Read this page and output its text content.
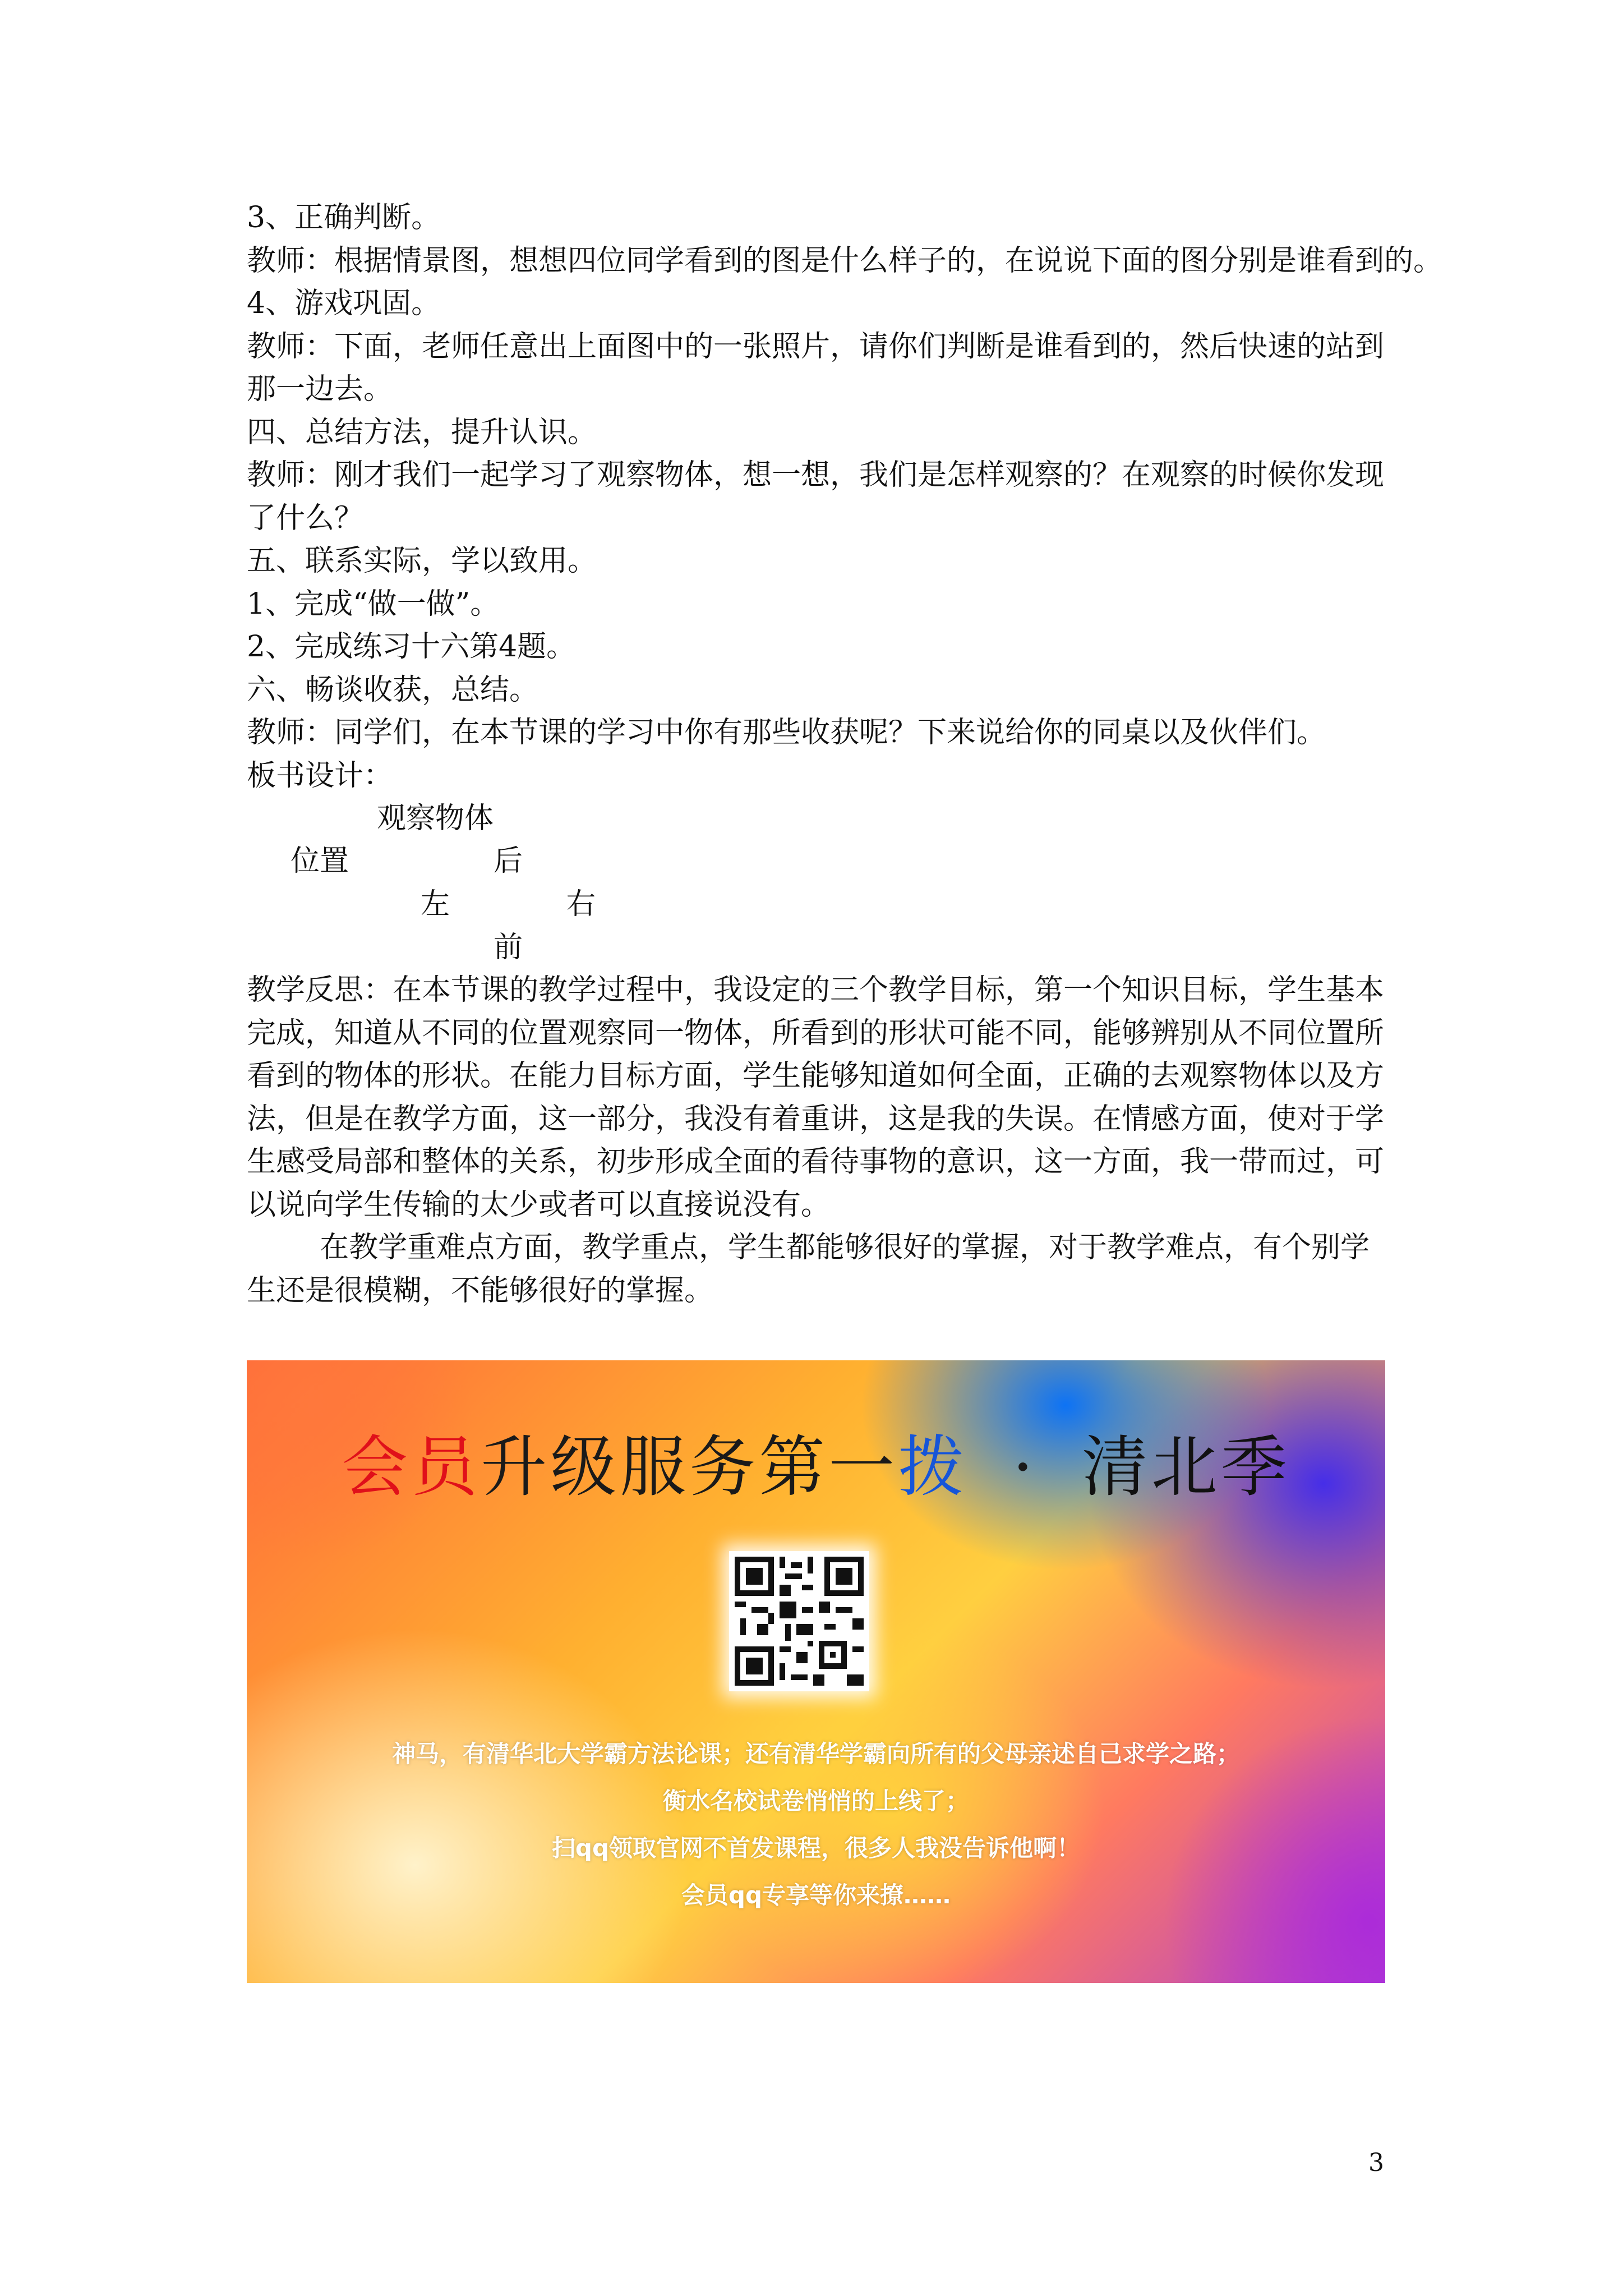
3、正确判断。

教师：根据情景图，想想四位同学看到的图是什么样子的，在说说下面的图分别是谁看到的。

4、游戏巩固。

教师：下面，老师任意出上面图中的一张照片，请你们判断是谁看到的，然后快速的站到那一边去。

四、总结方法，提升认识。

教师：刚才我们一起学习了观察物体，想一想，我们是怎样观察的？在观察的时候你发现了什么？

五、联系实际，学以致用。

1、完成“做一做”。

2、完成练习十六第4题。

六、畅谈收获，总结。

教师：同学们，在本节课的学习中你有那些收获呢？下来说给你的同桌以及伙伴们。

板书设计：

观察物体
位置	后
左	右
前

教学反思：在本节课的教学过程中，我设定的三个教学目标，第一个知识目标，学生基本完成，知道从不同的位置观察同一物体，所看到的形状可能不同，能够辨别从不同位置所看到的物体的形状。在能力目标方面，学生能够知道如何全面，正确的去观察物体以及方法，但是在教学方面，这一部分，我没有着重讲，这是我的失误。在情感方面，使对于学生感受局部和整体的关系，初步形成全面的看待事物的意识，这一方面，我一带而过，可以说向学生传输的太少或者可以直接说没有。

在教学重难点方面，教学重点，学生都能够很好的掌握，对于教学难点，有个别学生还是很模糊，不能够很好的掌握。

会员升级服务第一拨 · 清北季
神马，有清华北大学霸方法论课；还有清华学霸向所有的父母亲述自己求学之路；
衡水名校试卷悄悄的上线了；
扫qq领取官网不首发课程，很多人我没告诉他啊！
会员qq专享等你来撩……
3
